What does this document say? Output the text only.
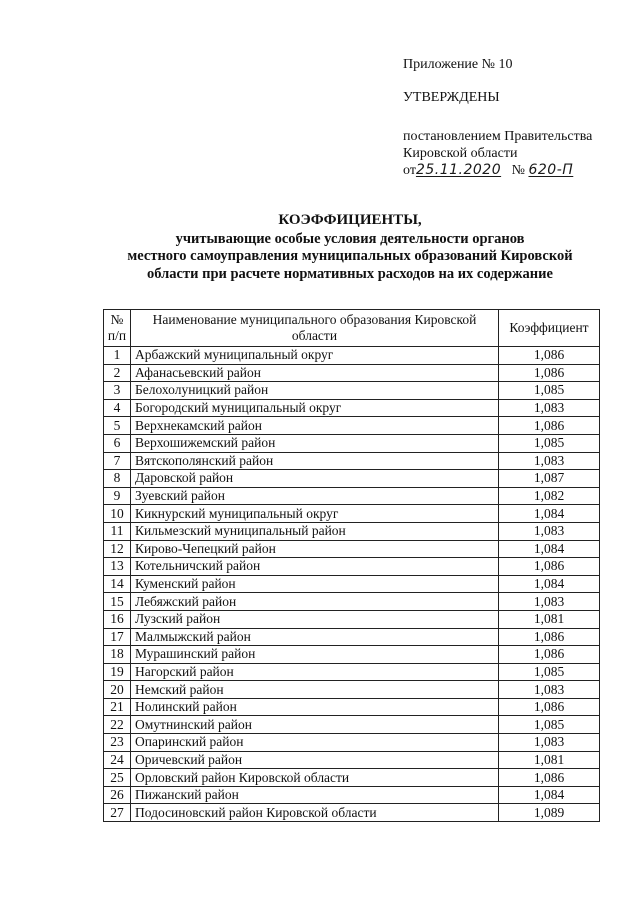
Приложение № 10
УТВЕРЖДЕНЫ
постановлением Правительства
Кировской области
от25.11.2020 № 620-П
КОЭФФИЦИЕНТЫ,
учитывающие особые условия деятельности органов
местного самоуправления муниципальных образований Кировской
области при расчете нормативных расходов на их содержание
№ п/п	Наименование муниципального образования Кировской области	Коэффициент
1	Арбажский муниципальный округ	1,086
2	Афанасьевский район	1,086
3	Белохолуницкий район	1,085
4	Богородский муниципальный округ	1,083
5	Верхнекамский район	1,086
6	Верхошижемский район	1,085
7	Вятскополянский район	1,083
8	Даровской район	1,087
9	Зуевский район	1,082
10	Кикнурский муниципальный округ	1,084
11	Кильмезский муниципальный район	1,083
12	Кирово-Чепецкий район	1,084
13	Котельничский район	1,086
14	Куменский район	1,084
15	Лебяжский район	1,083
16	Лузский район	1,081
17	Малмыжский район	1,086
18	Мурашинский район	1,086
19	Нагорский район	1,085
20	Немский район	1,083
21	Нолинский район	1,086
22	Омутнинский район	1,085
23	Опаринский район	1,083
24	Оричевский район	1,081
25	Орловский район Кировской области	1,086
26	Пижанский район	1,084
27	Подосиновский район Кировской области	1,089
